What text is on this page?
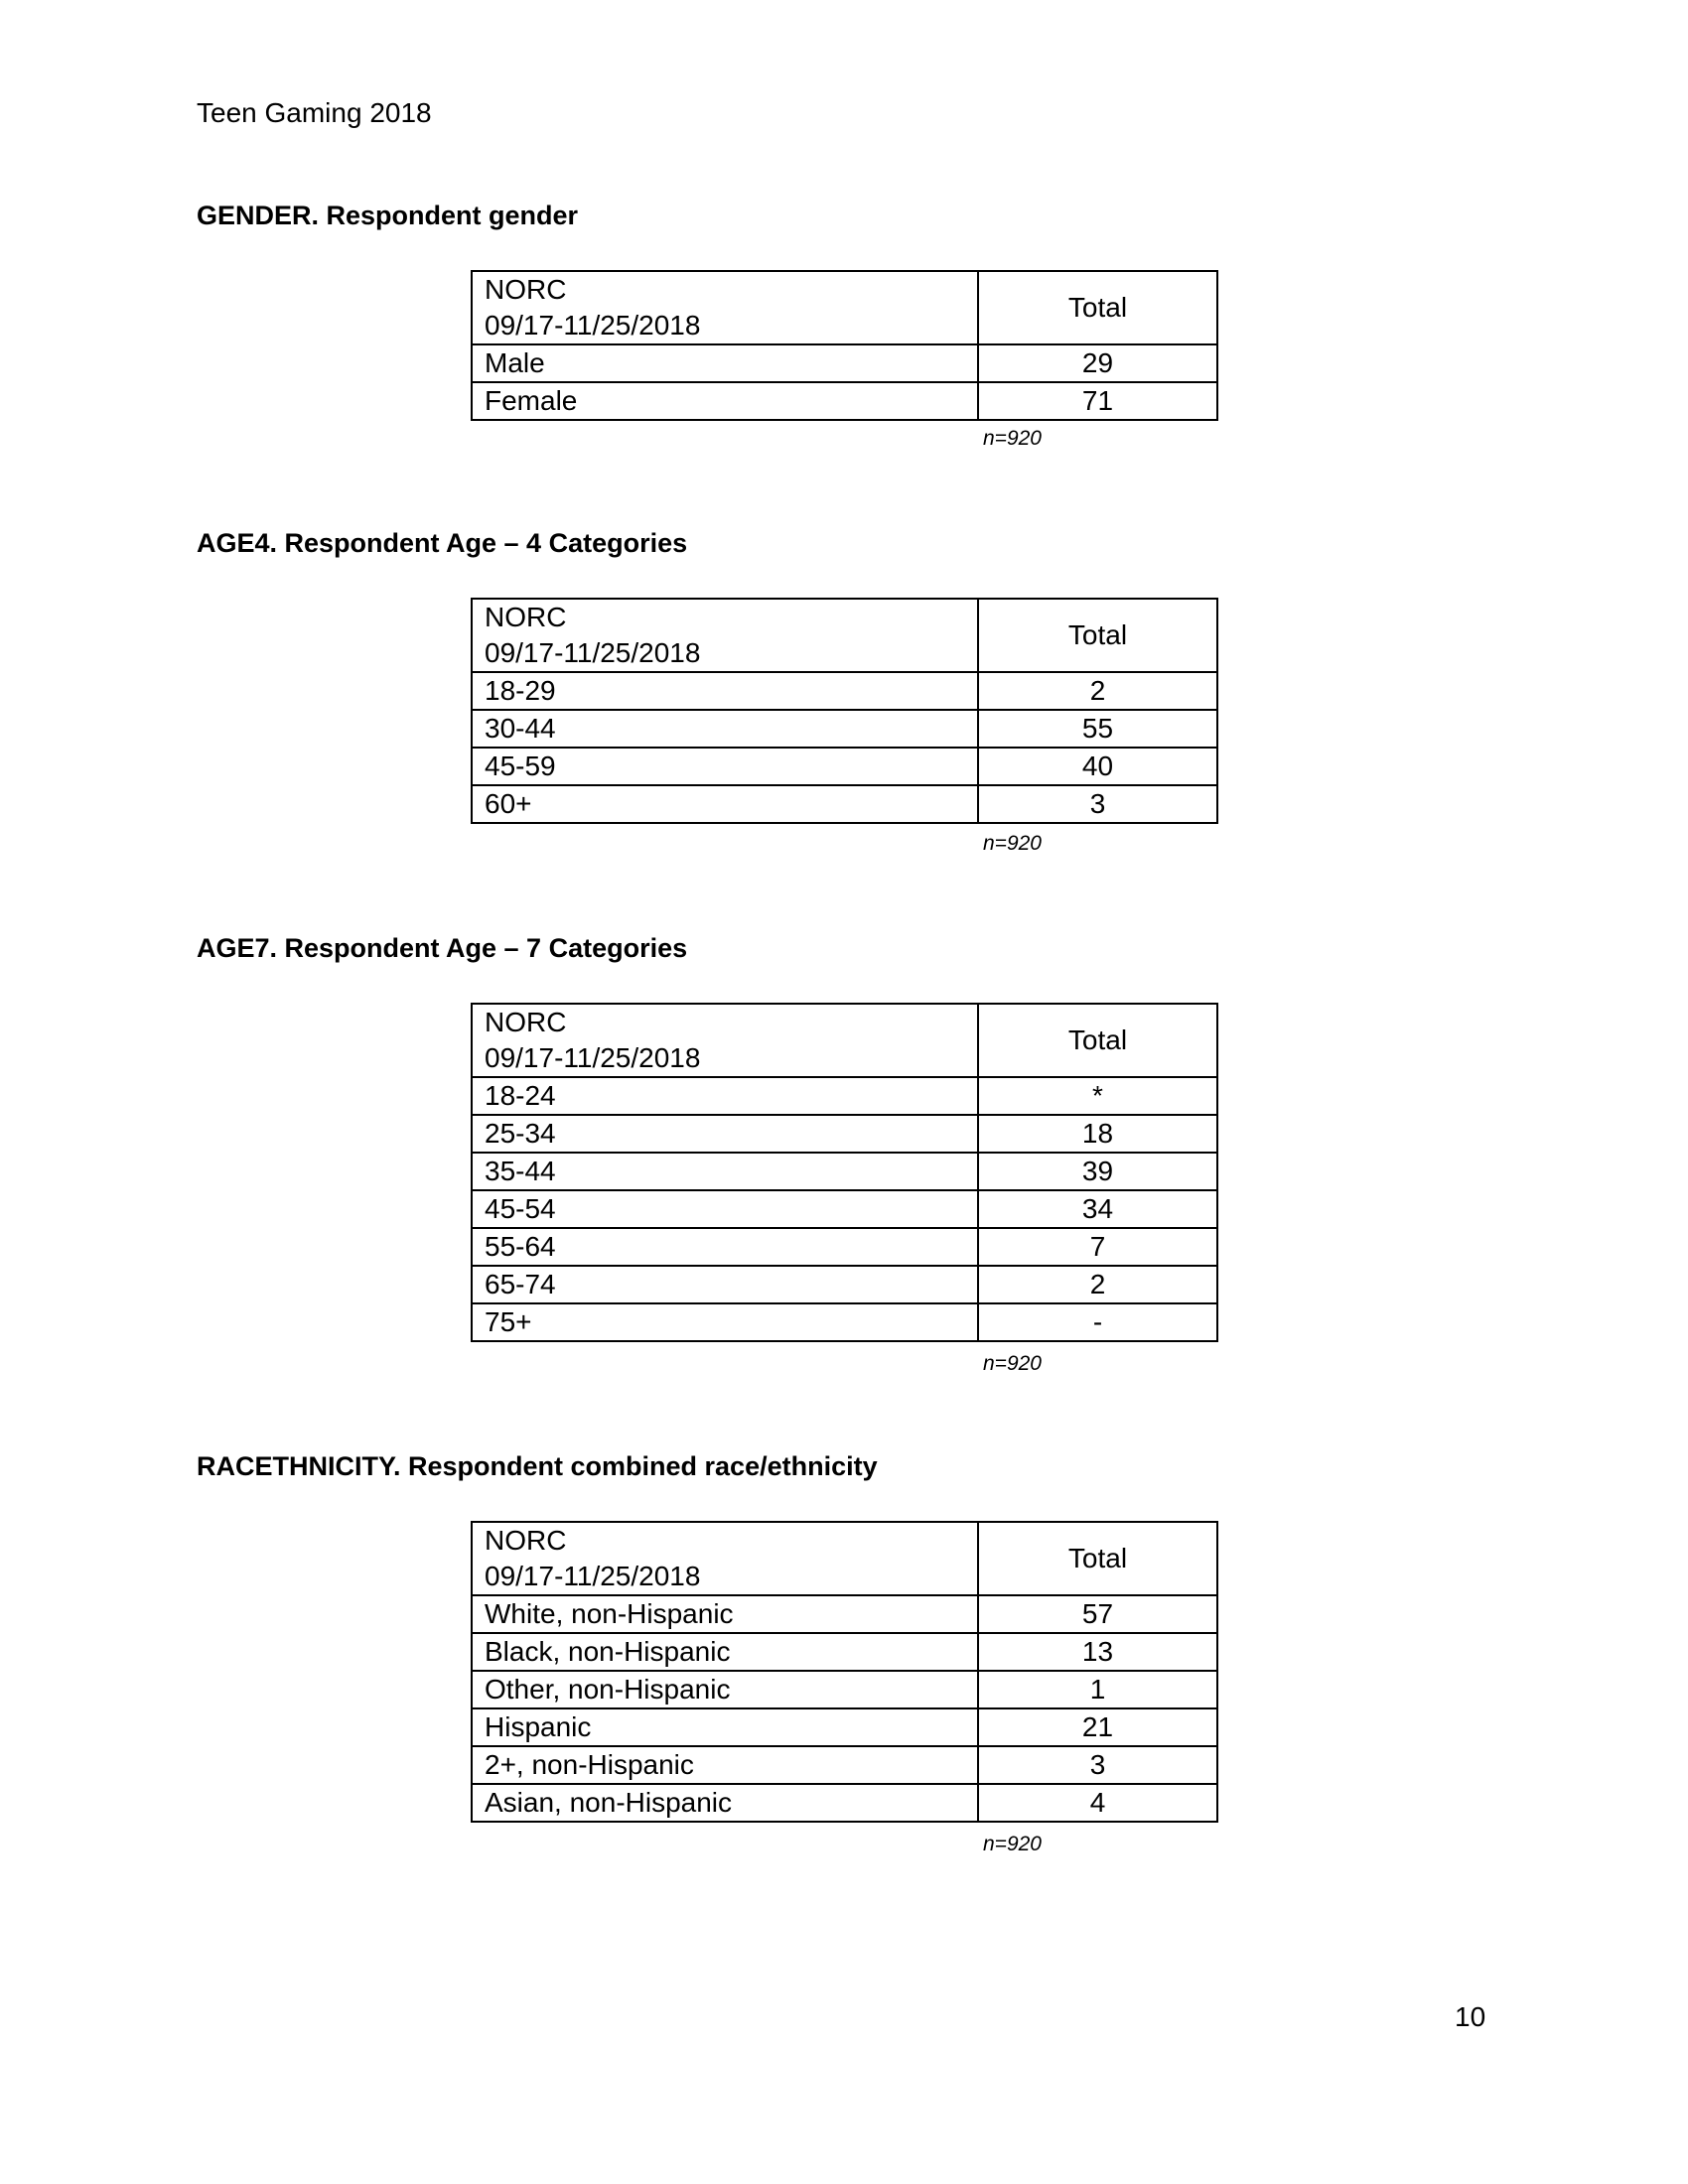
Teen Gaming 2018
GENDER. Respondent gender
NORC
09/17-11/25/2018	Total
Male	29
Female	71
n=920
AGE4. Respondent Age – 4 Categories
NORC
09/17-11/25/2018	Total
18-29	2
30-44	55
45-59	40
60+	3
n=920
AGE7. Respondent Age – 7 Categories
NORC
09/17-11/25/2018	Total
18-24	*
25-34	18
35-44	39
45-54	34
55-64	7
65-74	2
75+	-
n=920
RACETHNICITY. Respondent combined race/ethnicity
NORC
09/17-11/25/2018	Total
White, non-Hispanic	57
Black, non-Hispanic	13
Other, non-Hispanic	1
Hispanic	21
2+, non-Hispanic	3
Asian, non-Hispanic	4
n=920
10
